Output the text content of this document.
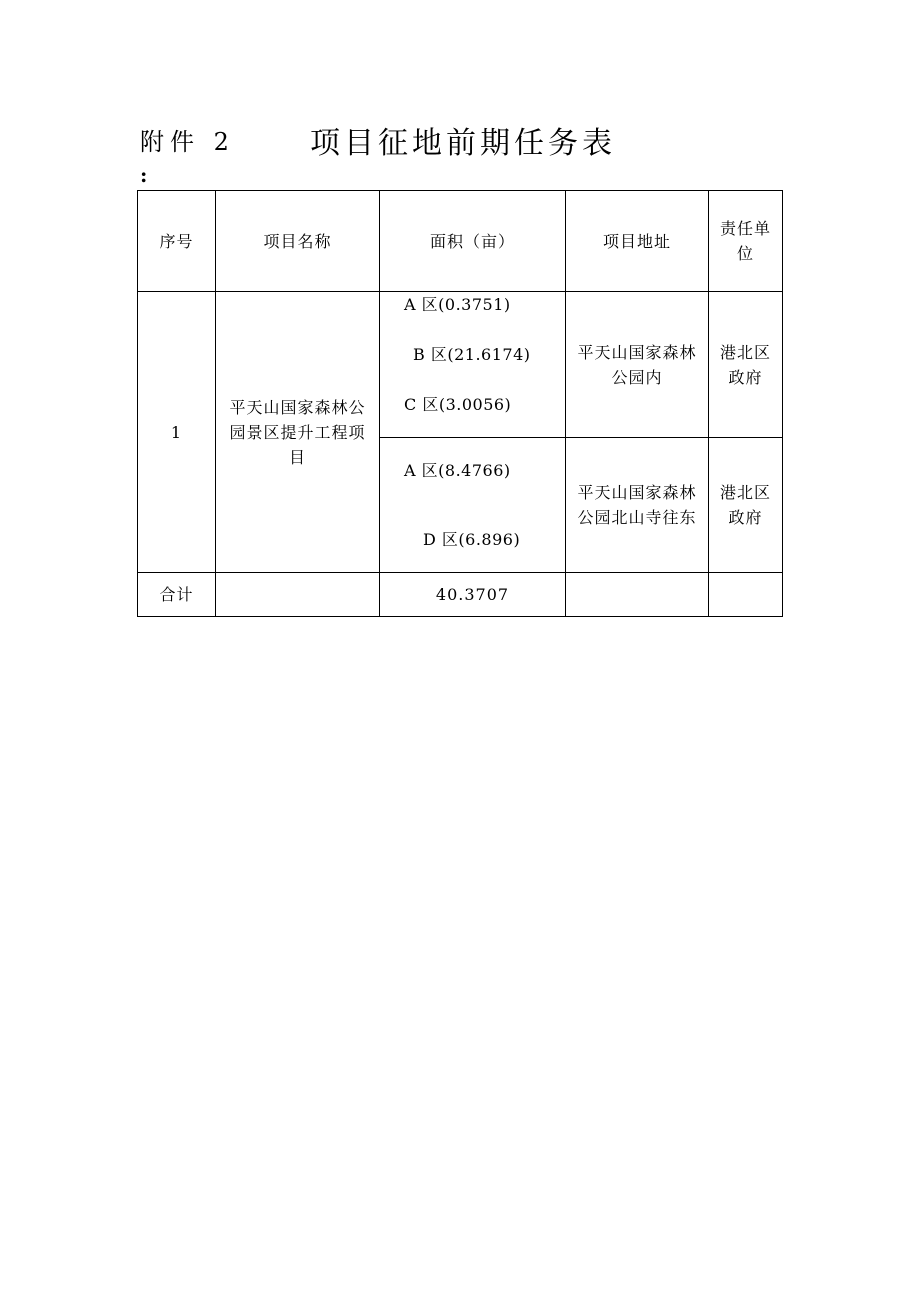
附件 2	项目征地前期任务表
:
序号	项目名称	面积（亩）	项目地址	责任单位

1	平天山国家森林公园景区提升工程项目	A 区(0.3751)
B 区(21.6174)
C 区(3.0056)	平天山国家森林公园内	港北区政府

		A 区(8.4766)
D 区(6.896)	平天山国家森林公园北山寺往东	港北区政府

合计		40.3707		
